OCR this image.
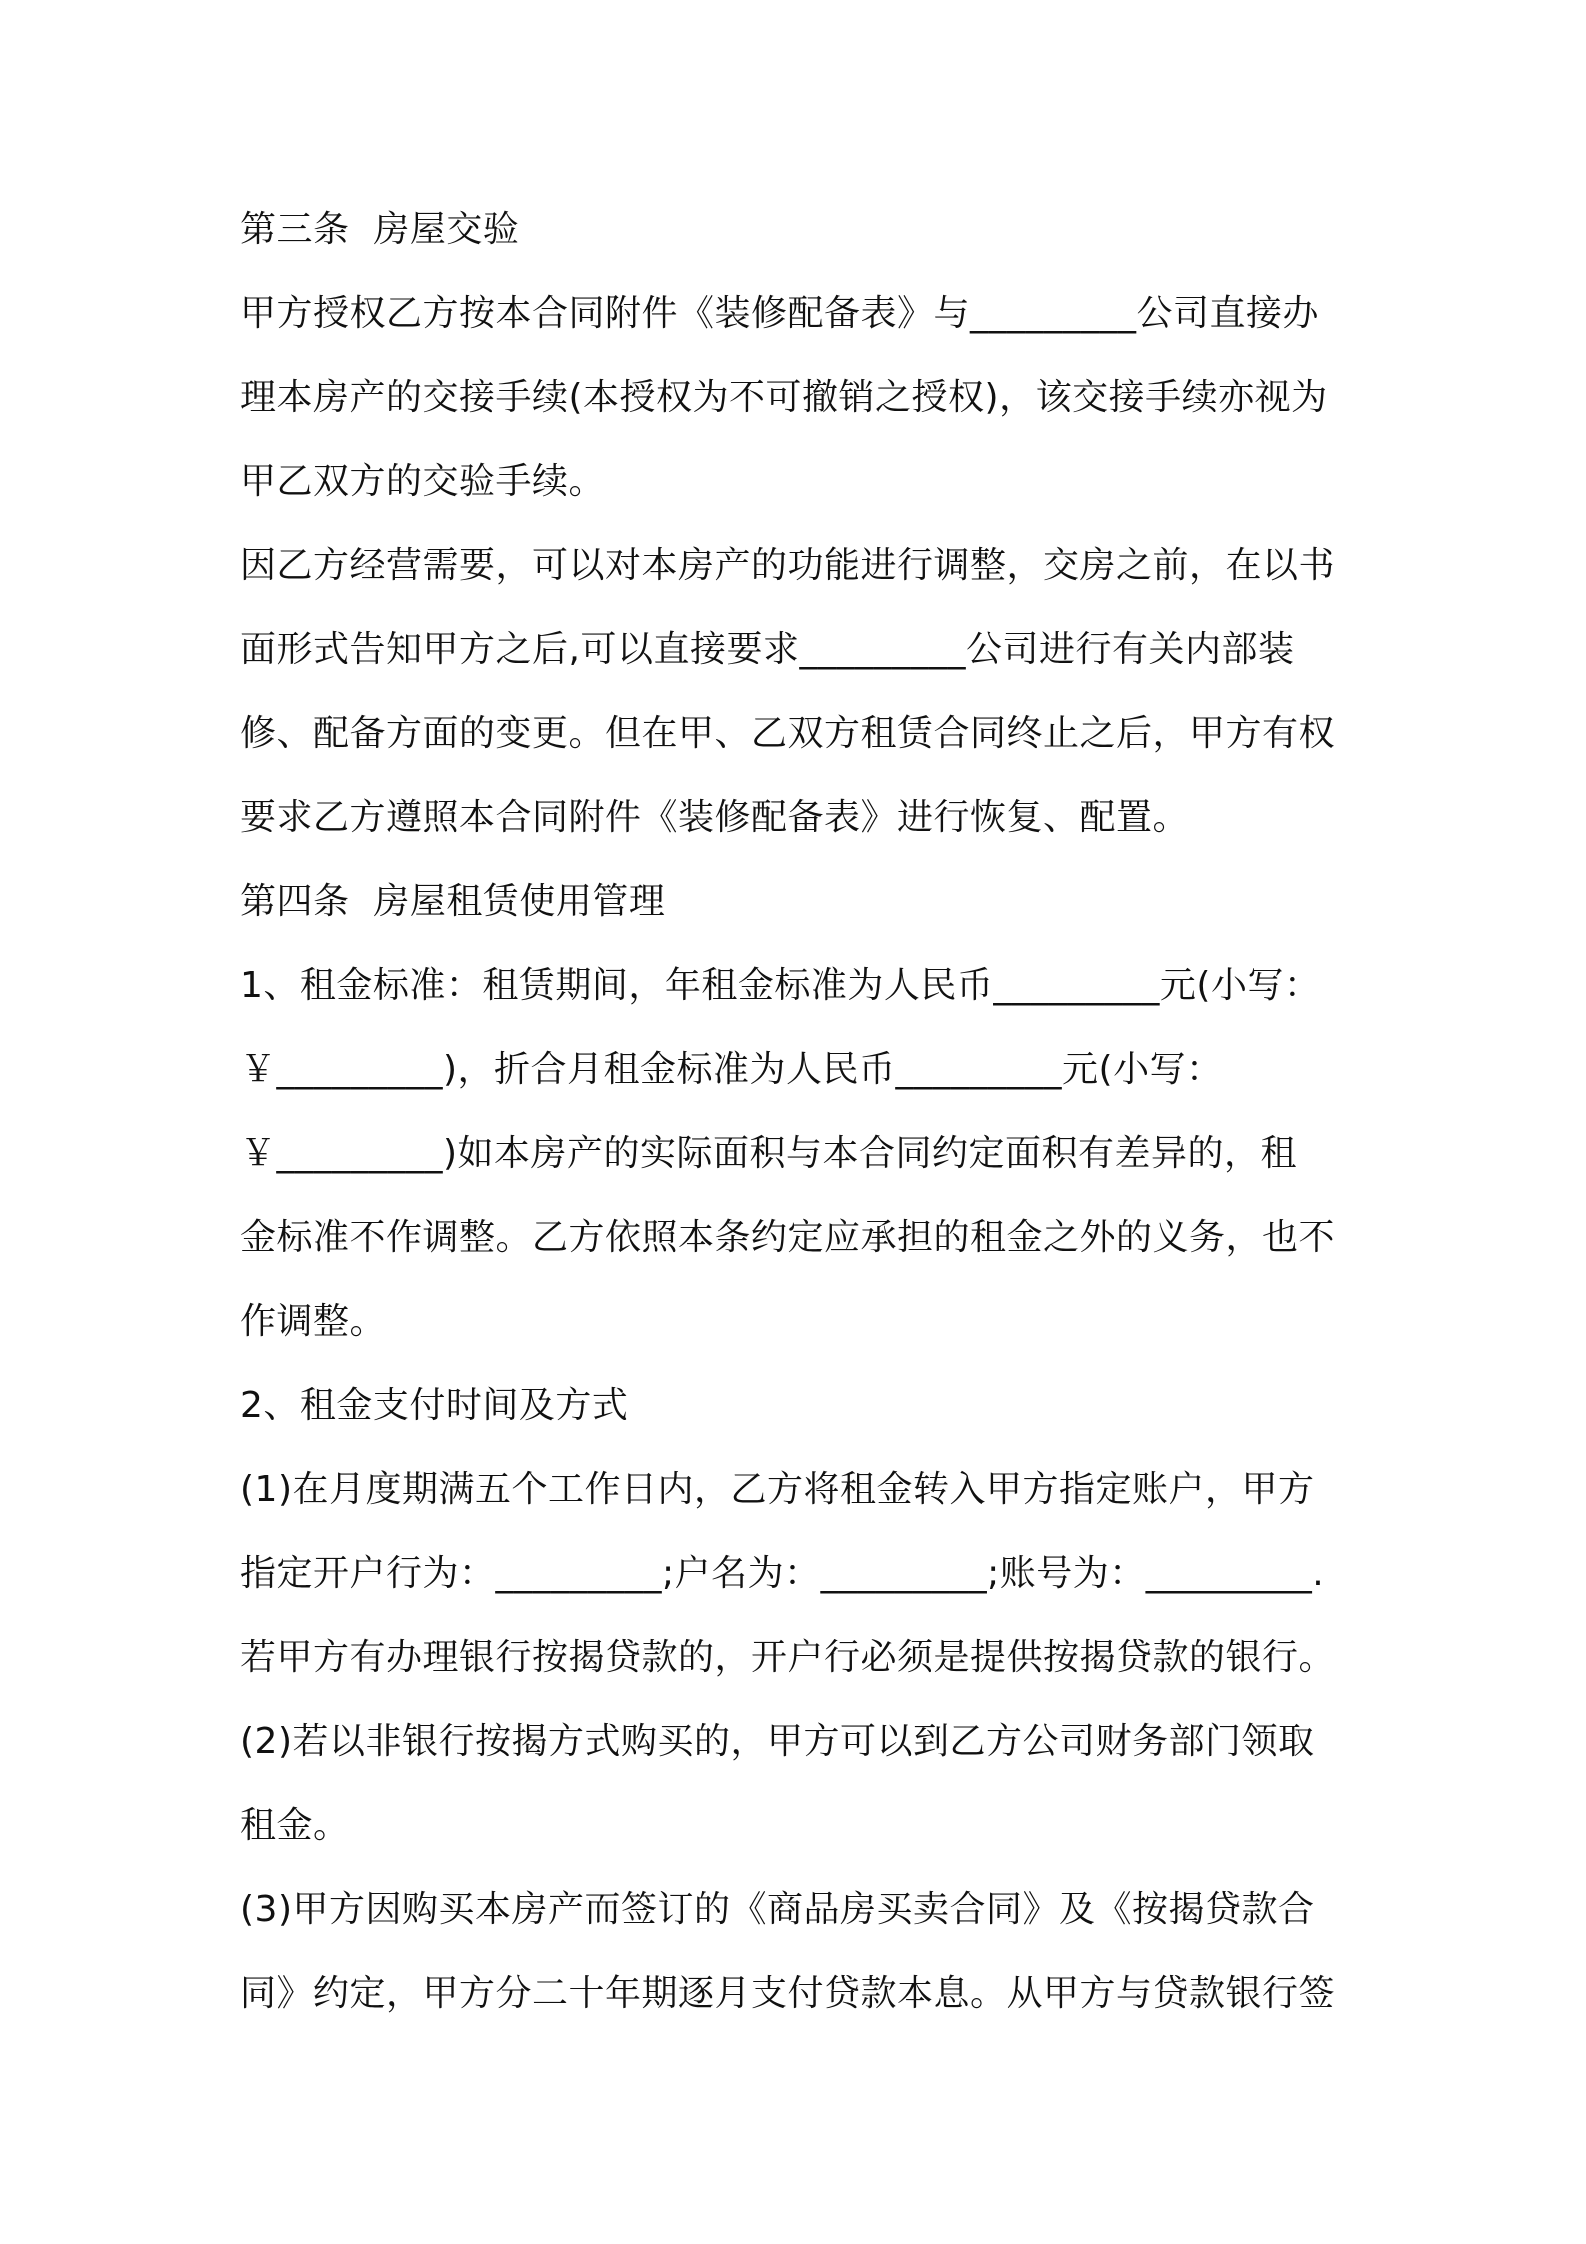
第三条  房屋交验
甲方授权乙方按本合同附件《装修配备表》与_________公司直接办
理本房产的交接手续(本授权为不可撤销之授权)，该交接手续亦视为
甲乙双方的交验手续。
因乙方经营需要，可以对本房产的功能进行调整，交房之前，在以书
面形式告知甲方之后,可以直接要求_________公司进行有关内部装
修、配备方面的变更。但在甲、乙双方租赁合同终止之后，甲方有权
要求乙方遵照本合同附件《装修配备表》进行恢复、配置。
第四条  房屋租赁使用管理
1、租金标准：租赁期间，年租金标准为人民币_________元(小写：
￥_________)，折合月租金标准为人民币_________元(小写：
￥_________)如本房产的实际面积与本合同约定面积有差异的，租
金标准不作调整。乙方依照本条约定应承担的租金之外的义务，也不
作调整。
2、租金支付时间及方式
(1)在月度期满五个工作日内，乙方将租金转入甲方指定账户，甲方
指定开户行为：_________;户名为：_________;账号为：_________.
若甲方有办理银行按揭贷款的，开户行必须是提供按揭贷款的银行。
(2)若以非银行按揭方式购买的，甲方可以到乙方公司财务部门领取
租金。
(3)甲方因购买本房产而签订的《商品房买卖合同》及《按揭贷款合
同》约定，甲方分二十年期逐月支付贷款本息。从甲方与贷款银行签
